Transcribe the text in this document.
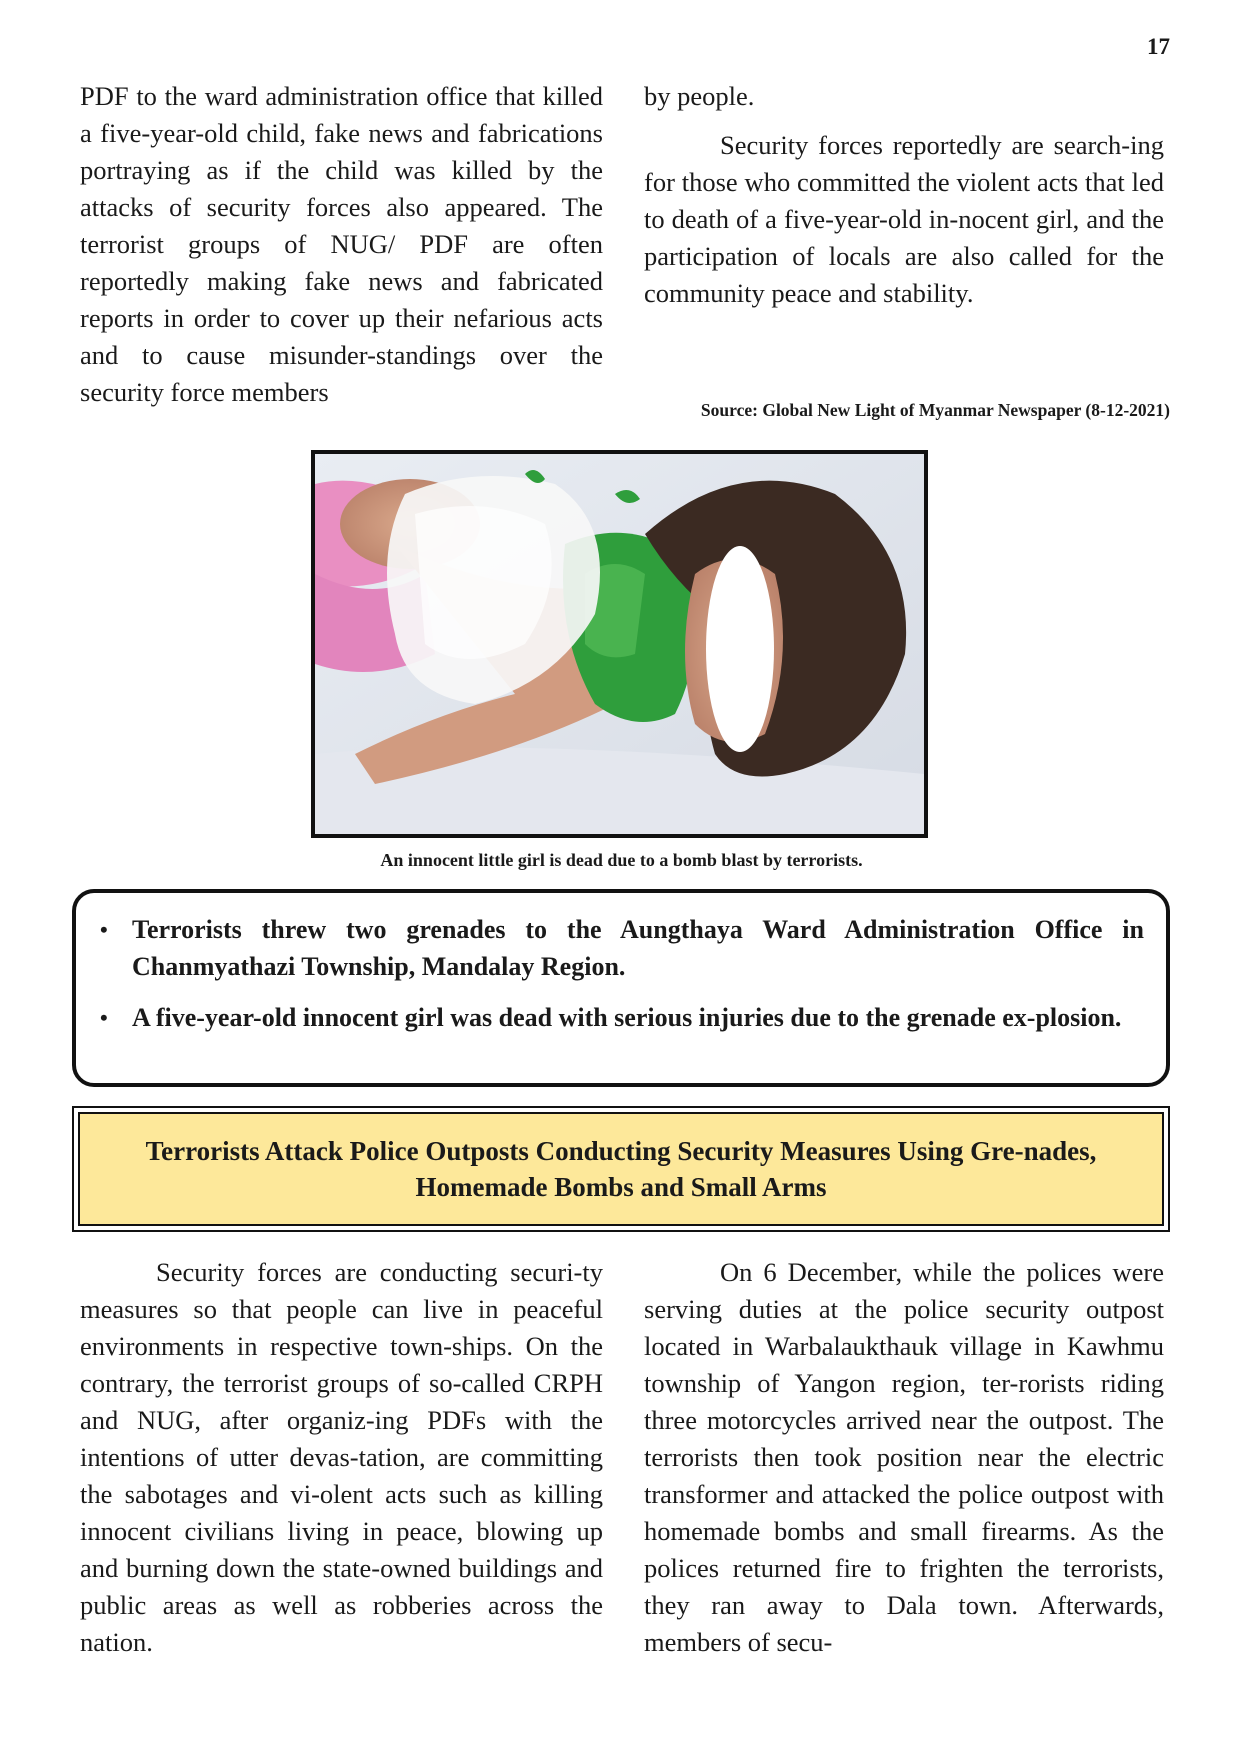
17

PDF to the ward administration office that killed a five-year-old child, fake news and fabrications portraying as if the child was killed by the attacks of security forces also appeared. The terrorist groups of NUG/ PDF are often reportedly making fake news and fabricated reports in order to cover up their nefarious acts and to cause misunder-standings over the security force members

by people.

Security forces reportedly are search-ing for those who committed the violent acts that led to death of a five-year-old in-nocent girl, and the participation of locals are also called for the community peace and stability.

Source: Global New Light of Myanmar Newspaper (8-12-2021)
An innocent little girl is dead due to a bomb blast by terrorists.
• Terrorists threw two grenades to the Aungthaya Ward Administration Office in Chanmyathazi Township, Mandalay Region.
• A five-year-old innocent girl was dead with serious injuries due to the grenade ex-plosion.
Terrorists Attack Police Outposts Conducting Security Measures Using Gre-nades, Homemade Bombs and Small Arms

Security forces are conducting securi-ty measures so that people can live in peaceful environments in respective town-ships. On the contrary, the terrorist groups of so-called CRPH and NUG, after organiz-ing PDFs with the intentions of utter devas-tation, are committing the sabotages and vi-olent acts such as killing innocent civilians living in peace, blowing up and burning down the state-owned buildings and public areas as well as robberies across the nation.

On 6 December, while the polices were serving duties at the police security outpost located in Warbalaukthauk village in Kawhmu township of Yangon region, ter-rorists riding three motorcycles arrived near the outpost. The terrorists then took position near the electric transformer and attacked the police outpost with homemade bombs and small firearms. As the polices returned fire to frighten the terrorists, they ran away to Dala town. Afterwards, members of secu-
